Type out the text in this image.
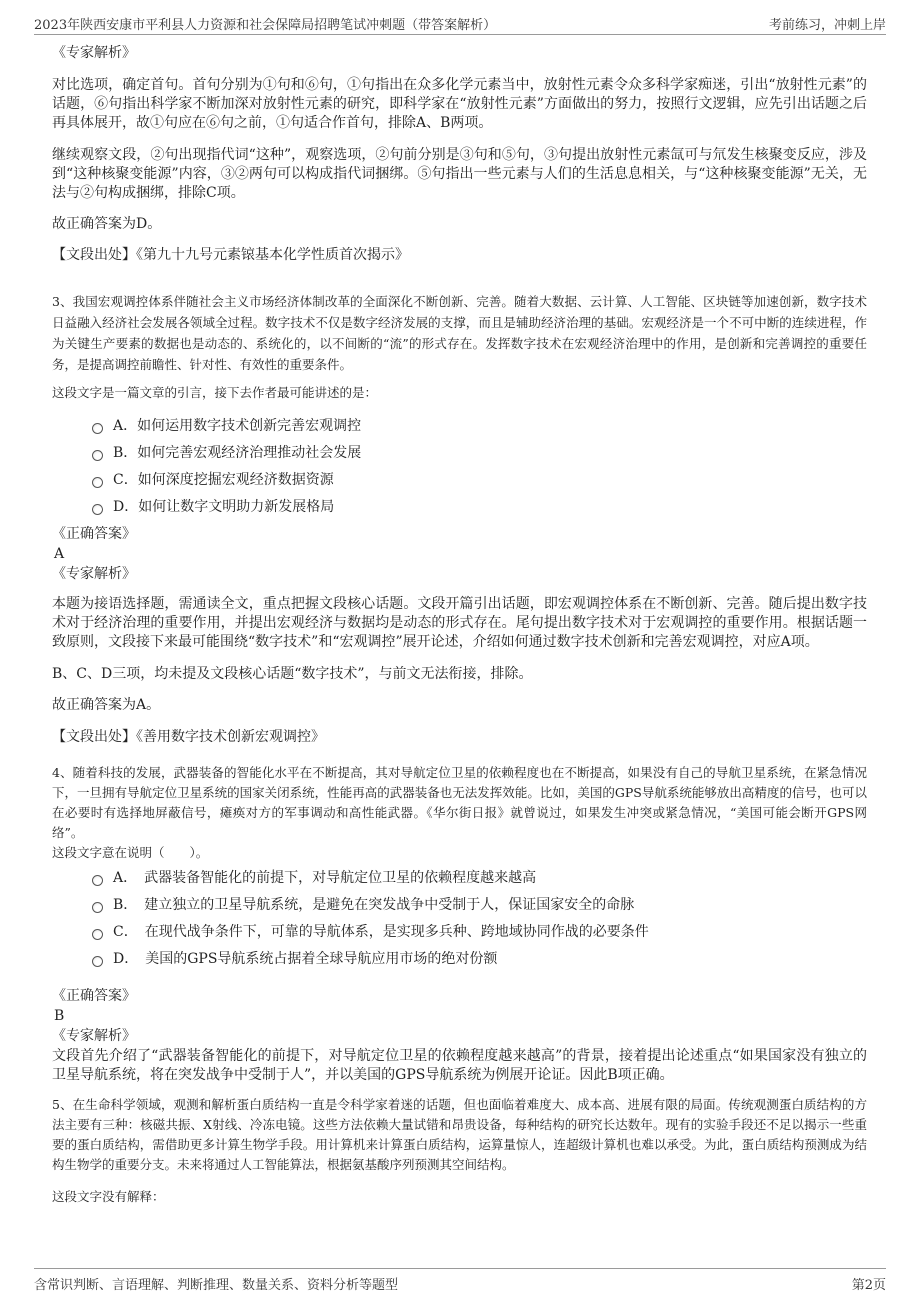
2023年陕西安康市平利县人力资源和社会保障局招聘笔试冲刺题（带答案解析）	考前练习，冲刺上岸

《专家解析》

对比选项，确定首句。首句分别为①句和⑥句，①句指出在众多化学元素当中，放射性元素令众多科学家痴迷，引出“放射性元素”的话题，⑥句指出科学家不断加深对放射性元素的研究，即科学家在“放射性元素”方面做出的努力，按照行文逻辑，应先引出话题之后再具体展开，故①句应在⑥句之前，①句适合作首句，排除A、B两项。

继续观察文段，②句出现指代词“这种”，观察选项，②句前分别是③句和⑤句，③句提出放射性元素氙可与氘发生核聚变反应，涉及到“这种核聚变能源”内容，③②两句可以构成指代词捆绑。⑤句指出一些元素与人们的生活息息相关，与“这种核聚变能源”无关，无法与②句构成捆绑，排除C项。

故正确答案为D。

【文段出处】《第九十九号元素锿基本化学性质首次揭示》

3、我国宏观调控体系伴随社会主义市场经济体制改革的全面深化不断创新、完善。随着大数据、云计算、人工智能、区块链等加速创新，数字技术日益融入经济社会发展各领域全过程。数字技术不仅是数字经济发展的支撑，而且是辅助经济治理的基础。宏观经济是一个不可中断的连续进程，作为关键生产要素的数据也是动态的、系统化的，以不间断的“流”的形式存在。发挥数字技术在宏观经济治理中的作用，是创新和完善调控的重要任务，是提高调控前瞻性、针对性、有效性的重要条件。

这段文字是一篇文章的引言，接下去作者最可能讲述的是：

A．如何运用数字技术创新完善宏观调控
B．如何完善宏观经济治理推动社会发展
C．如何深度挖掘宏观经济数据资源
D．如何让数字文明助力新发展格局

《正确答案》

A

《专家解析》

本题为接语选择题，需通读全文，重点把握文段核心话题。文段开篇引出话题，即宏观调控体系在不断创新、完善。随后提出数字技术对于经济治理的重要作用，并提出宏观经济与数据均是动态的形式存在。尾句提出数字技术对于宏观调控的重要作用。根据话题一致原则，文段接下来最可能围绕“数字技术”和“宏观调控”展开论述，介绍如何通过数字技术创新和完善宏观调控，对应A项。

B、C、D三项，均未提及文段核心话题“数字技术”，与前文无法衔接，排除。

故正确答案为A。

【文段出处】《善用数字技术创新宏观调控》

4、随着科技的发展，武器装备的智能化水平在不断提高，其对导航定位卫星的依赖程度也在不断提高，如果没有自己的导航卫星系统，在紧急情况下，一旦拥有导航定位卫星系统的国家关闭系统，性能再高的武器装备也无法发挥效能。比如，美国的GPS导航系统能够放出高精度的信号，也可以在必要时有选择地屏蔽信号，瘫痪对方的军事调动和高性能武器。《华尔街日报》就曾说过，如果发生冲突或紧急情况，“美国可能会断开GPS网络”。

这段文字意在说明（　　）。

A．　武器装备智能化的前提下，对导航定位卫星的依赖程度越来越高
B．　建立独立的卫星导航系统，是避免在突发战争中受制于人，保证国家安全的命脉
C．　在现代战争条件下，可靠的导航体系，是实现多兵种、跨地域协同作战的必要条件
D．　美国的GPS导航系统占据着全球导航应用市场的绝对份额

《正确答案》

B

《专家解析》

文段首先介绍了“武器装备智能化的前提下，对导航定位卫星的依赖程度越来越高”的背景，接着提出论述重点“如果国家没有独立的卫星导航系统，将在突发战争中受制于人”，并以美国的GPS导航系统为例展开论证。因此B项正确。

5、在生命科学领域，观测和解析蛋白质结构一直是令科学家着迷的话题，但也面临着难度大、成本高、进展有限的局面。传统观测蛋白质结构的方法主要有三种：核磁共振、X射线、冷冻电镜。这些方法依赖大量试错和昂贵设备，每种结构的研究长达数年。现有的实验手段还不足以揭示一些重要的蛋白质结构，需借助更多计算生物学手段。用计算机来计算蛋白质结构，运算量惊人，连超级计算机也难以承受。为此，蛋白质结构预测成为结构生物学的重要分支。未来将通过人工智能算法，根据氨基酸序列预测其空间结构。

这段文字没有解释：

含常识判断、言语理解、判断推理、数量关系、资料分析等题型	第2页
